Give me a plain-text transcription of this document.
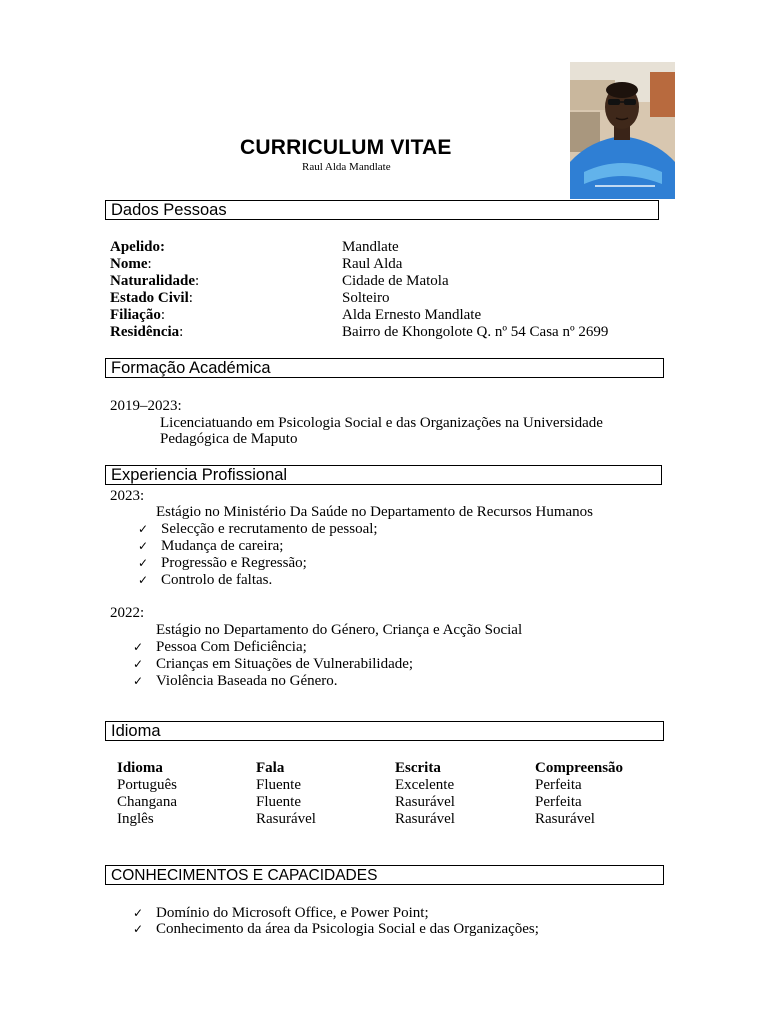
CURRICULUM VITAE
Raul Alda Mandlate
Dados Pessoas
Apelido:	Mandlate
Nome:	Raul Alda
Naturalidade:	Cidade de Matola
Estado Civil:	Solteiro
Filiação:	Alda Ernesto Mandlate
Residência:	Bairro de Khongolote Q. nº 54 Casa nº 2699
Formação Académica
2019–2023:
Licenciatuando em Psicologia Social e das Organizações na Universidade
Pedagógica de Maputo
Experiencia Profissional
2023:
Estágio no Ministério Da Saúde no Departamento de Recursos Humanos
✓ Selecção e recrutamento de pessoal;
✓ Mudança de careira;
✓ Progressão e Regressão;
✓ Controlo de faltas.
2022:
Estágio no Departamento do Género, Criança e Acção Social
✓ Pessoa Com Deficiência;
✓ Crianças em Situações de Vulnerabilidade;
✓ Violência Baseada no Género.
Idioma
Idioma	Fala	Escrita	Compreensão
Português	Fluente	Excelente	Perfeita
Changana	Fluente	Rasurável	Perfeita
Inglês	Rasurável	Rasurável	Rasurável
CONHECIMENTOS E CAPACIDADES
✓ Domínio do Microsoft Office, e Power Point;
✓ Conhecimento da área da Psicologia Social e das Organizações;
